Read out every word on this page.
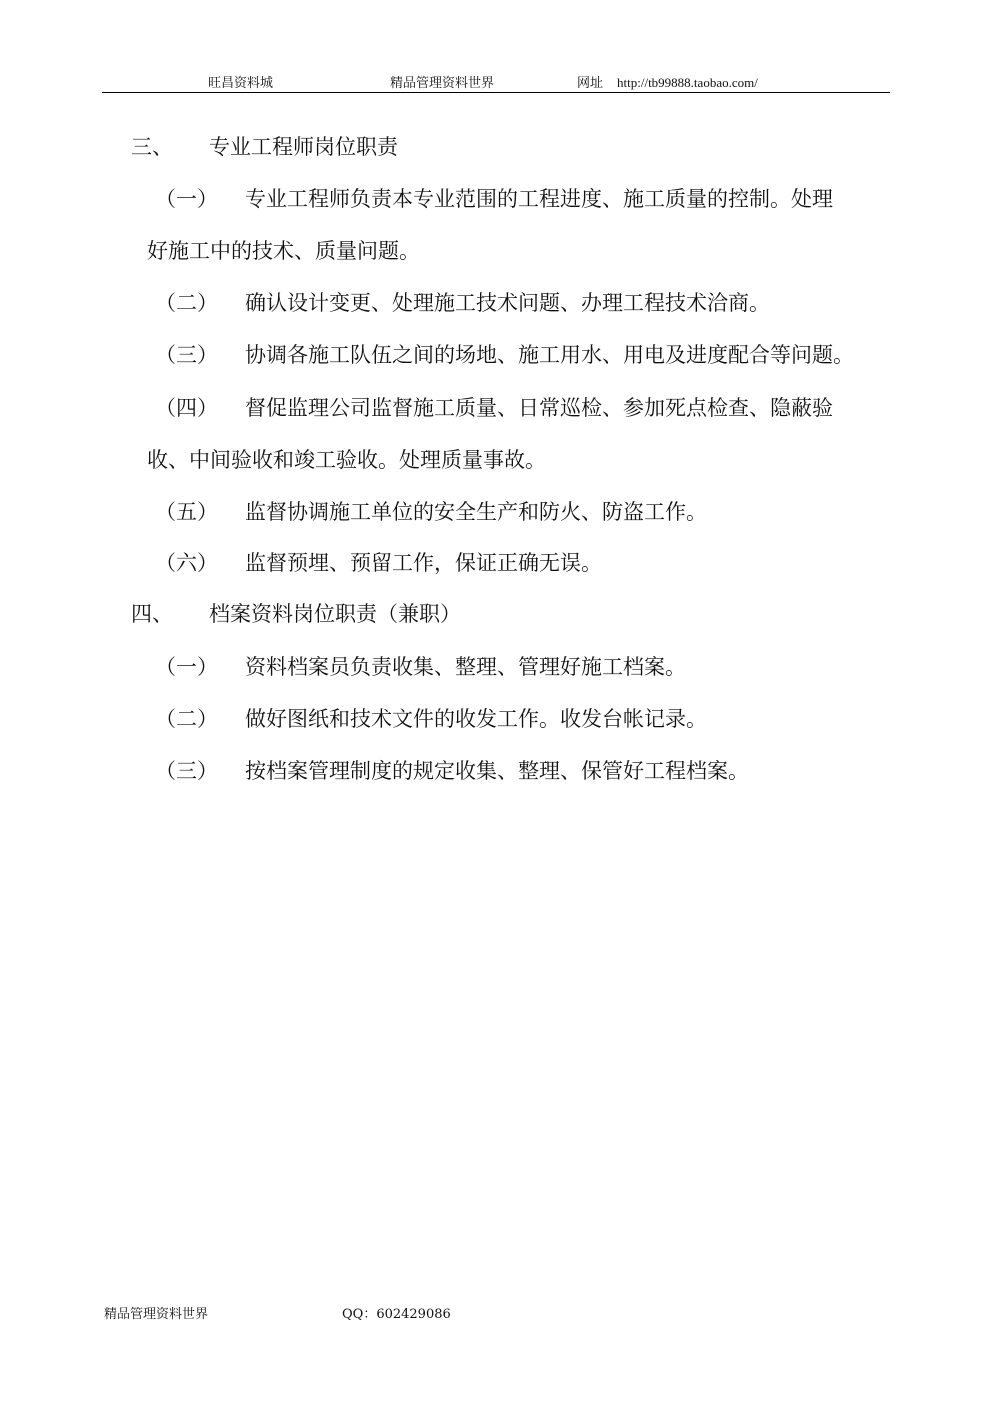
旺昌资料城	精品管理资料世界	网址 http://tb99888.taobao.com/
三、 专业工程师岗位职责
（一） 专业工程师负责本专业范围的工程进度、施工质量的控制。处理
好施工中的技术、质量问题。
（二） 确认设计变更、处理施工技术问题、办理工程技术洽商。
（三） 协调各施工队伍之间的场地、施工用水、用电及进度配合等问题。
（四） 督促监理公司监督施工质量、日常巡检、参加死点检查、隐蔽验
收、中间验收和竣工验收。处理质量事故。
（五） 监督协调施工单位的安全生产和防火、防盗工作。
（六） 监督预埋、预留工作，保证正确无误。
四、 档案资料岗位职责（兼职）
（一） 资料档案员负责收集、整理、管理好施工档案。
（二） 做好图纸和技术文件的收发工作。收发台帐记录。
（三） 按档案管理制度的规定收集、整理、保管好工程档案。
精品管理资料世界	QQ：602429086
